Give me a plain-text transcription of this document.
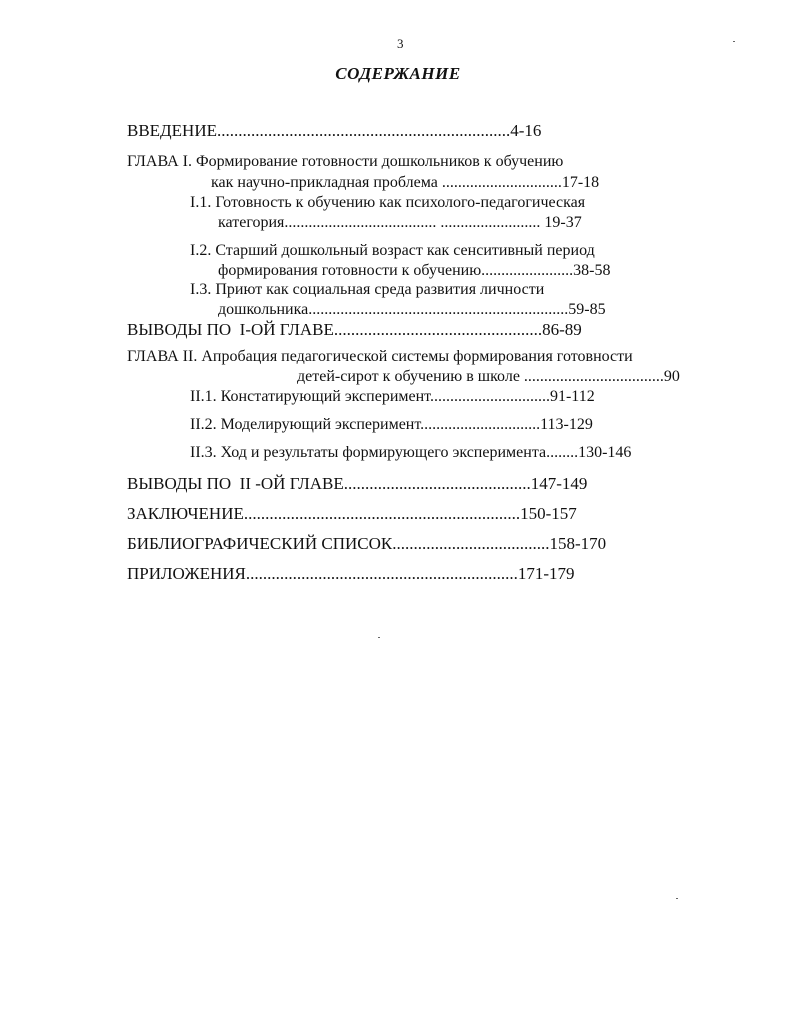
3
СОДЕРЖАНИЕ
ВВЕДЕНИЕ.....................................................................4-16
ГЛАВА I. Формирование готовности дошкольников к обучению
как научно-прикладная проблема ..............................17-18
I.1. Готовность к обучению как психолого-педагогическая
категория...................................... ......................... 19-37
I.2. Старший дошкольный возраст как сенситивный период
формирования готовности к обучению.......................38-58
I.3. Приют как социальная среда развития личности
дошкольника.................................................................59-85
ВЫВОДЫ ПО  I-ОЙ ГЛАВЕ.................................................86-89
ГЛАВА II. Апробация педагогической системы формирования готовности
детей-сирот к обучению в школе ...................................90
II.1. Констатирующий эксперимент..............................91-112
II.2. Моделирующий эксперимент..............................113-129
II.3. Ход и результаты формирующего эксперимента........130-146
ВЫВОДЫ ПО  II -ОЙ ГЛАВЕ............................................147-149
ЗАКЛЮЧЕНИЕ.................................................................150-157
БИБЛИОГРАФИЧЕСКИЙ СПИСОК.....................................158-170
ПРИЛОЖЕНИЯ................................................................171-179
